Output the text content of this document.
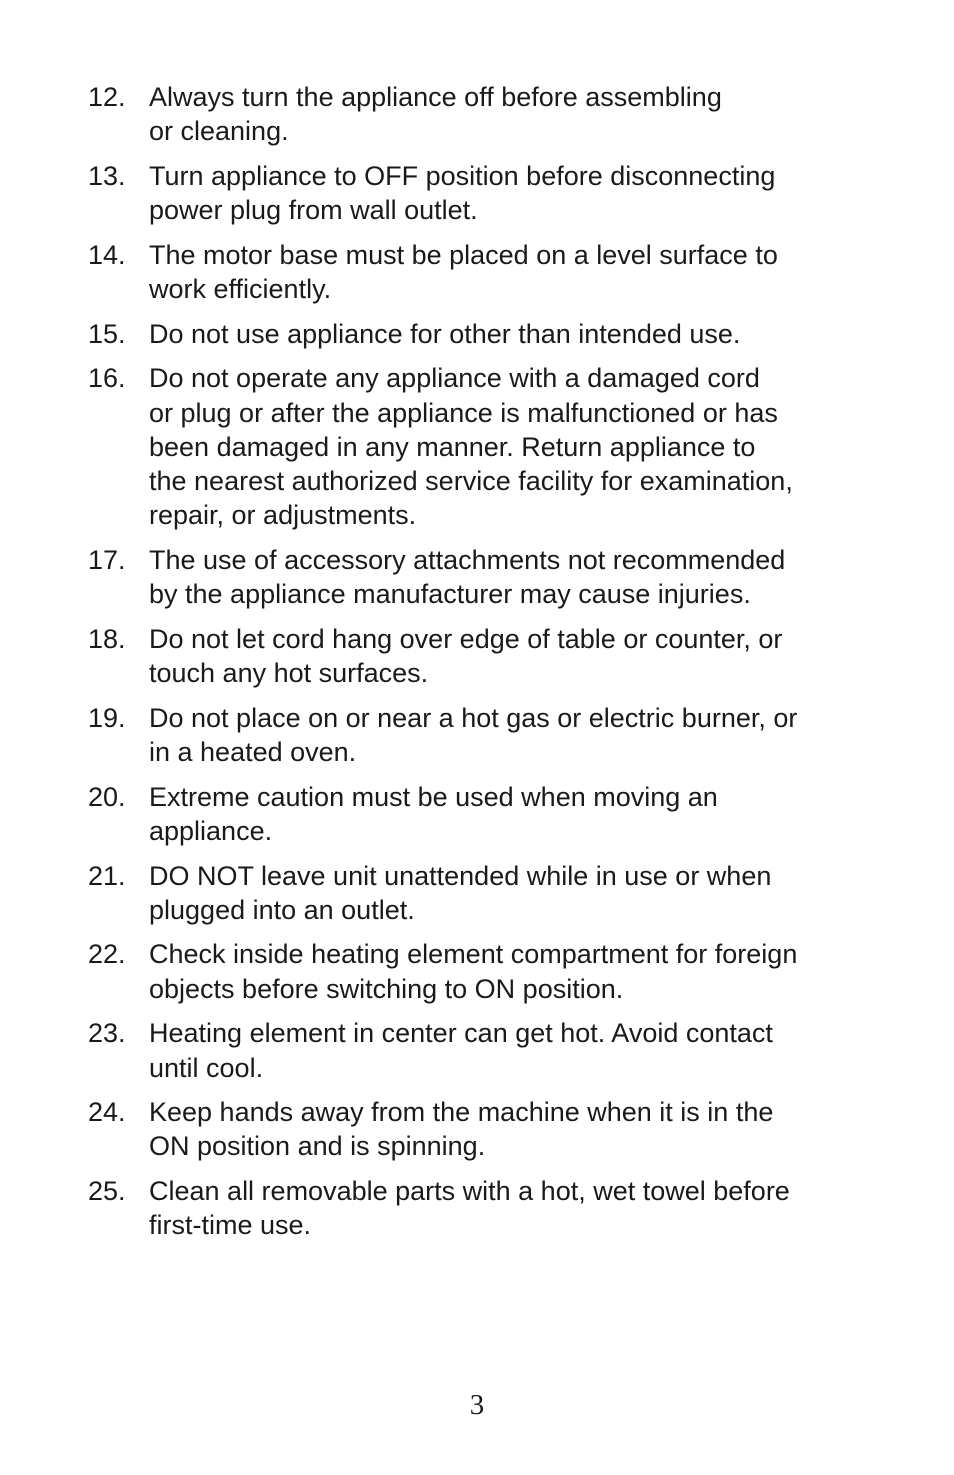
12. Always turn the appliance off before assembling
or cleaning.
13. Turn appliance to OFF position before disconnecting
power plug from wall outlet.
14. The motor base must be placed on a level surface to
work efficiently.
15. Do not use appliance for other than intended use.
16. Do not operate any appliance with a damaged cord
or plug or after the appliance is malfunctioned or has
been damaged in any manner. Return appliance to
the nearest authorized service facility for examination,
repair, or adjustments.
17. The use of accessory attachments not recommended
by the appliance manufacturer may cause injuries.
18. Do not let cord hang over edge of table or counter, or
touch any hot surfaces.
19. Do not place on or near a hot gas or electric burner, or
in a heated oven.
20. Extreme caution must be used when moving an
appliance.
21. DO NOT leave unit unattended while in use or when
plugged into an outlet.
22. Check inside heating element compartment for foreign
objects before switching to ON position.
23. Heating element in center can get hot. Avoid contact
until cool.
24. Keep hands away from the machine when it is in the
ON position and is spinning.
25. Clean all removable parts with a hot, wet towel before
first-time use.
3
